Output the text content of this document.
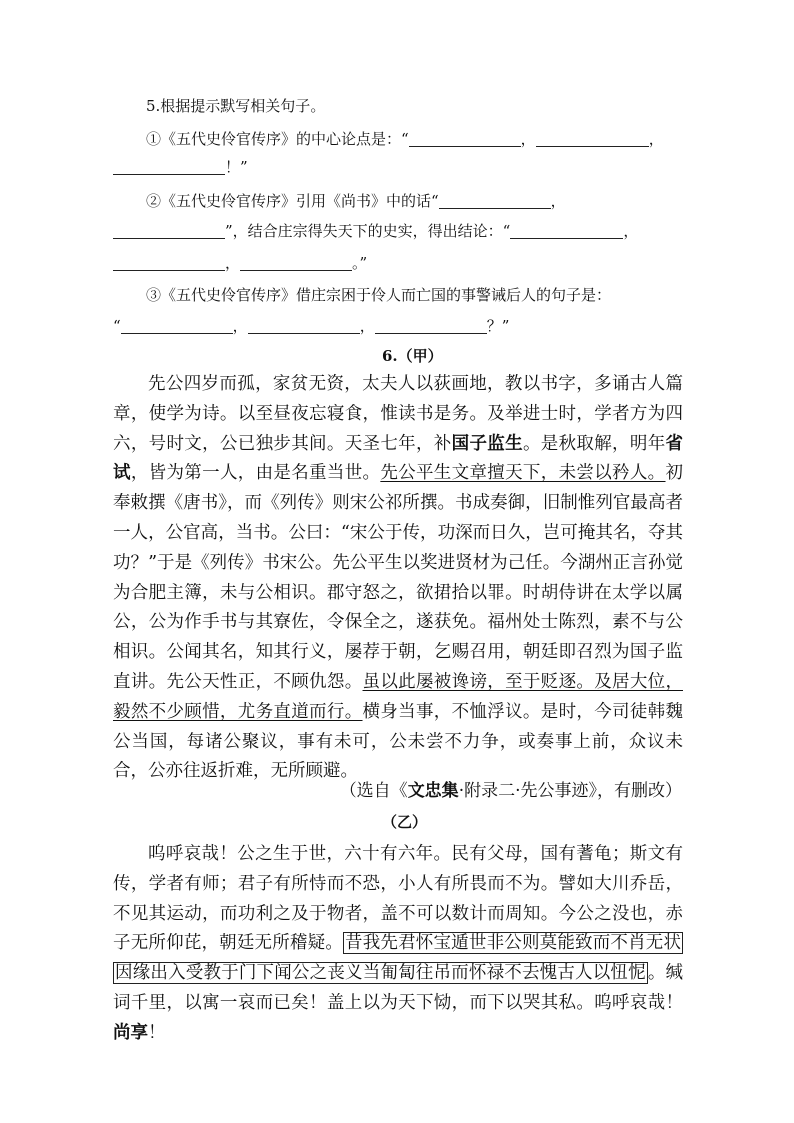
5.根据提示默写相关句子。
①《五代史伶官传序》的中心论点是：“	，	，
！”
②《五代史伶官传序》引用《尚书》中的话“	，
”，结合庄宗得失天下的史实，得出结论：“	，
，	。”
③《五代史伶官传序》借庄宗困于伶人而亡国的事警诫后人的句子是：
“	，	，	？”
6.（甲）

先公四岁而孤，家贫无资，太夫人以荻画地，教以书字，多诵古人篇章，使学为诗。以至昼夜忘寝食，惟读书是务。及举进士时，学者方为四六，号时文，公已独步其间。天圣七年，补国子监生。是秋取解，明年省试，皆为第一人，由是名重当世。先公平生文章擅天下，未尝以矜人。初奉敕撰《唐书》，而《列传》则宋公祁所撰。书成奏御，旧制惟列官最高者一人，公官高，当书。公曰：“宋公于传，功深而日久，岂可掩其名，夺其功？”于是《列传》书宋公。先公平生以奖进贤材为己任。今湖州正言孙觉为合肥主簿，未与公相识。郡守怒之，欲捃拾以罪。时胡侍讲在太学以属公，公为作手书与其寮佐，令保全之，遂获免。福州处士陈烈，素不与公相识。公闻其名，知其行义，屡荐于朝，乞赐召用，朝廷即召烈为国子监直讲。先公天性正，不顾仇怨。虽以此屡被谗谤，至于贬逐。及居大位，毅然不少顾惜，尤务直道而行。横身当事，不恤浮议。是时，今司徒韩魏公当国，每诸公聚议，事有未可，公未尝不力争，或奏事上前，众议未合，公亦往返折难，无所顾避。

（选自《文忠集·附录二·先公事迹》，有删改）
（乙）

呜呼哀哉！公之生于世，六十有六年。民有父母，国有蓍龟；斯文有传，学者有师；君子有所恃而不恐，小人有所畏而不为。譬如大川乔岳，不见其运动，而功利之及于物者，盖不可以数计而周知。今公之没也，赤子无所仰芘，朝廷无所稽疑。 昔我先君怀宝遁世非公则莫能致而不肖无状因缘出入受教于门下闻公之丧义当匍匐往吊而怀禄不去愧古人以忸怩 。缄词千里，以寓一哀而已矣！盖上以为天下恸，而下以哭其私。呜呼哀哉！尚享！
